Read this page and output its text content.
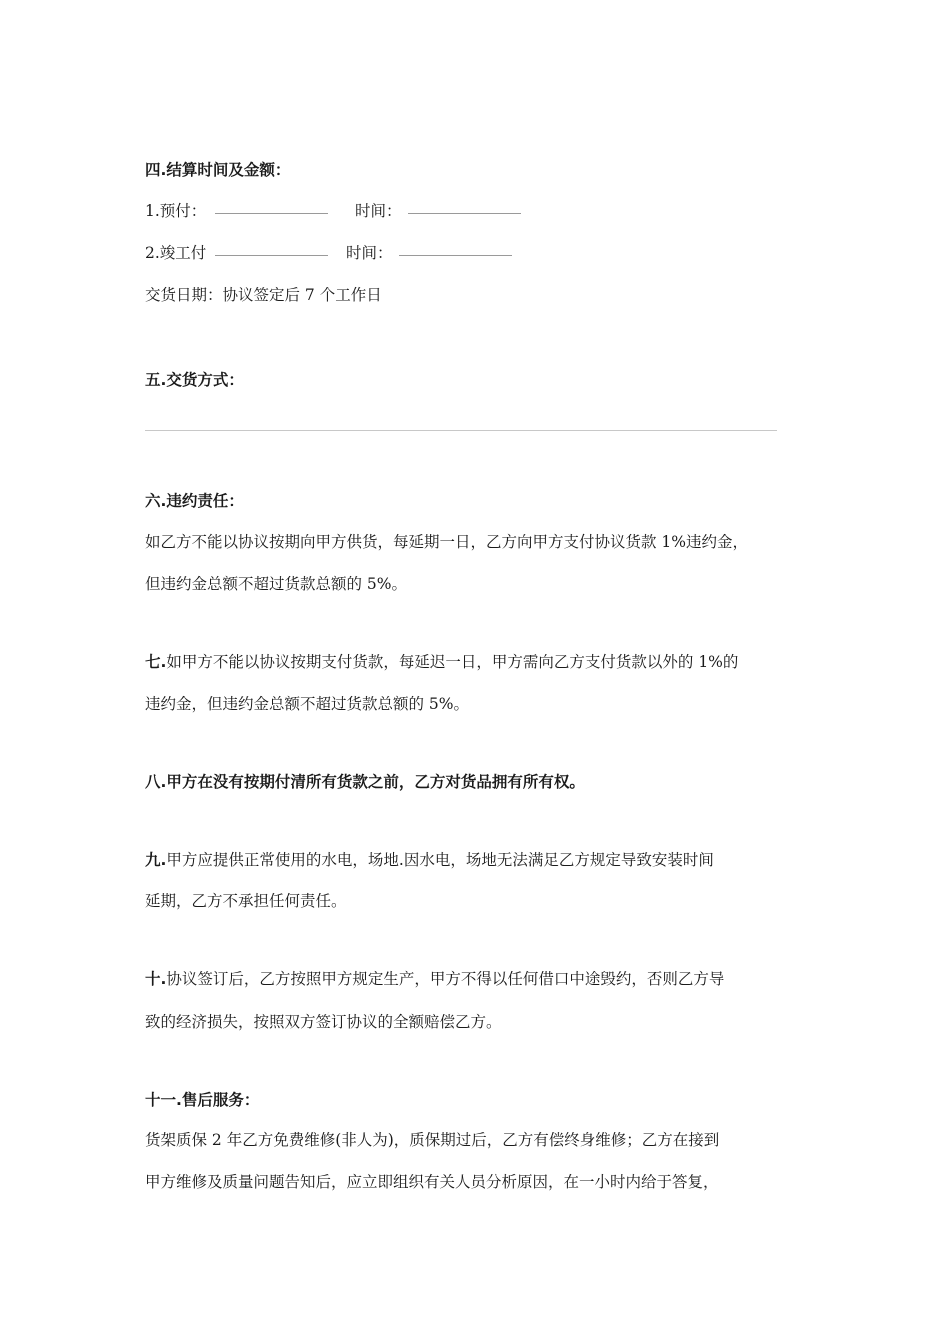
四.结算时间及金额：
1.预付：	时间：
2.竣工付	时间：
交货日期：协议签定后 7 个工作日
五.交货方式：
六.违约责任：
如乙方不能以协议按期向甲方供货，每延期一日，乙方向甲方支付协议货款 1%违约金，
但违约金总额不超过货款总额的 5%。
七.如甲方不能以协议按期支付货款，每延迟一日，甲方需向乙方支付货款以外的 1%的
违约金，但违约金总额不超过货款总额的 5%。
八.甲方在没有按期付清所有货款之前，乙方对货品拥有所有权。
九.甲方应提供正常使用的水电，场地.因水电，场地无法满足乙方规定导致安装时间
延期，乙方不承担任何责任。
十.协议签订后，乙方按照甲方规定生产，甲方不得以任何借口中途毁约，否则乙方导
致的经济损失，按照双方签订协议的全额赔偿乙方。
十一.售后服务：
货架质保 2 年乙方免费维修(非人为)，质保期过后，乙方有偿终身维修；乙方在接到
甲方维修及质量问题告知后，应立即组织有关人员分析原因，在一小时内给于答复，
